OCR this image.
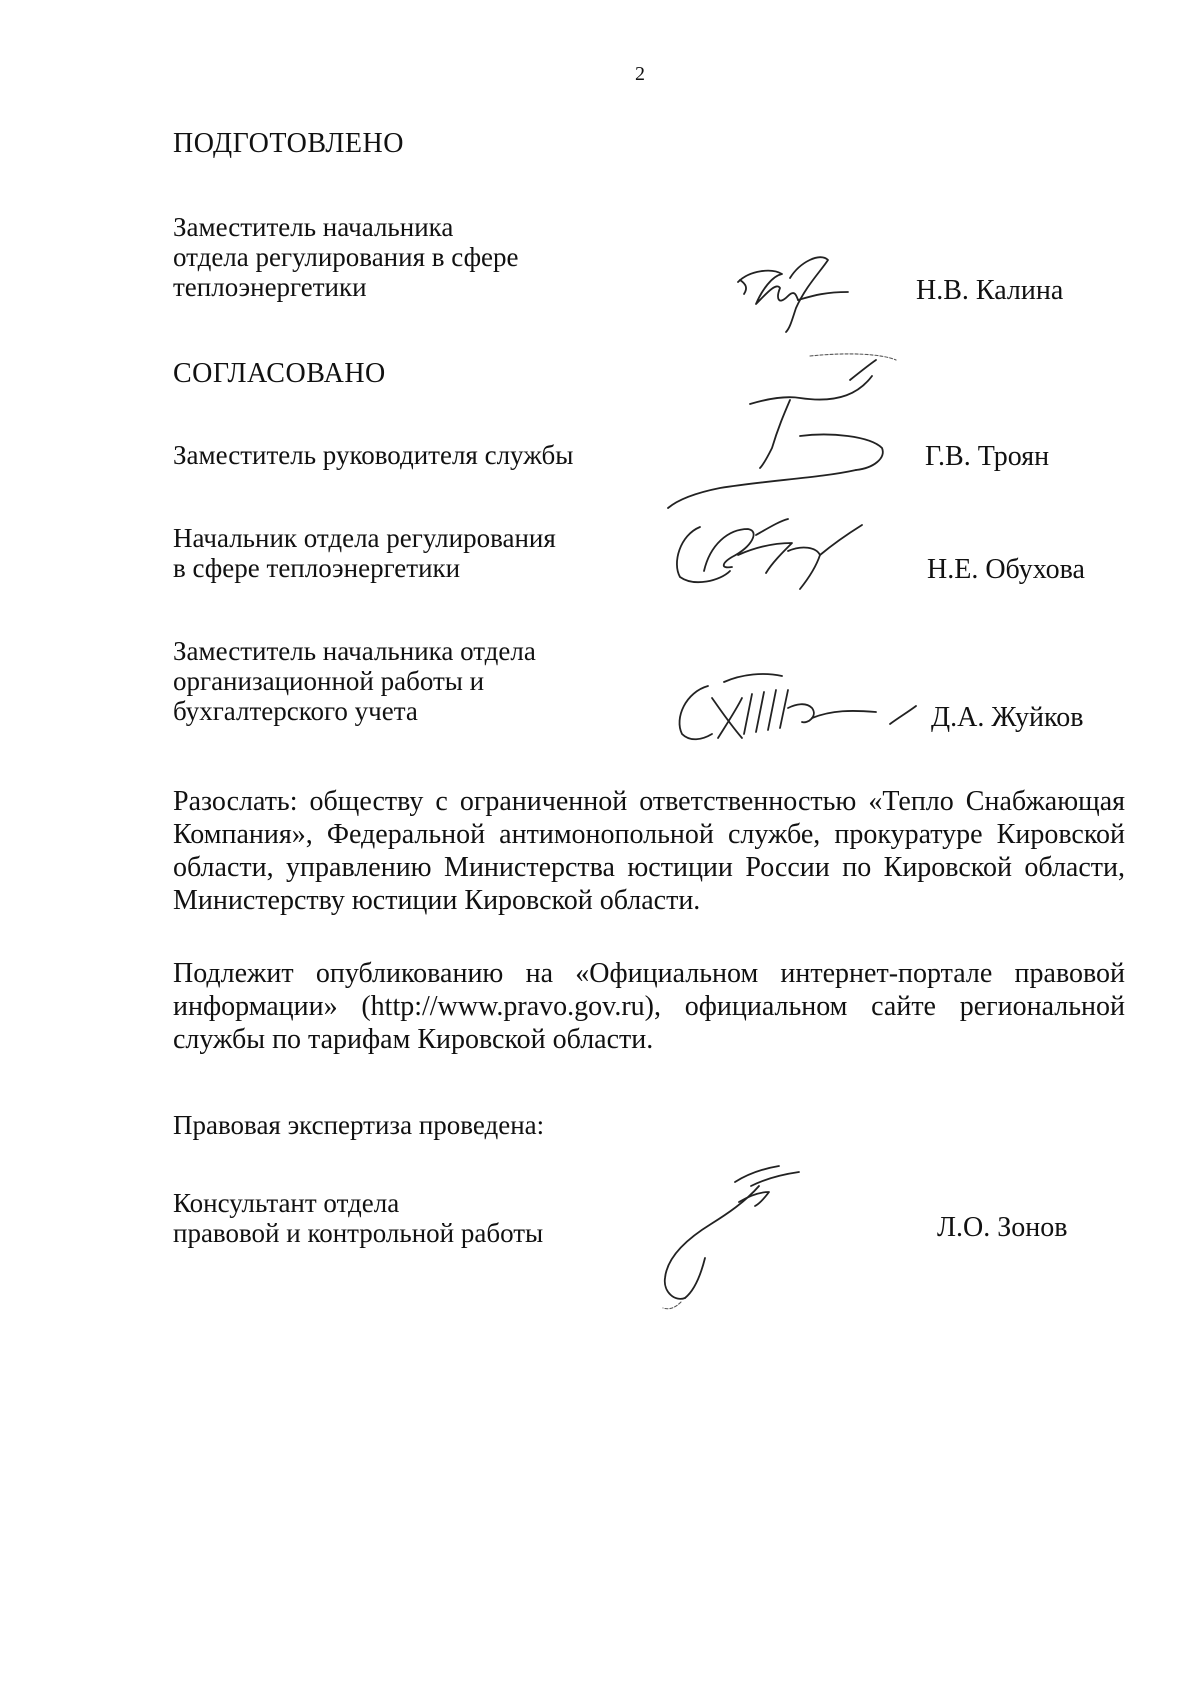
2
ПОДГОТОВЛЕНО
Заместитель начальника
отдела регулирования в сфере
теплоэнергетики	Н.В. Калина
СОГЛАСОВАНО
Заместитель руководителя службы	Г.В. Троян
Начальник отдела регулирования
в сфере теплоэнергетики	Н.Е. Обухова
Заместитель начальника отдела
организационной работы и
бухгалтерского учета	Д.А. Жуйков
Разослать: обществу с ограниченной ответственностью «Тепло Снабжающая Компания», Федеральной антимонопольной службе, прокуратуре Кировской области, управлению Министерства юстиции России по Кировской области, Министерству юстиции Кировской области.
Подлежит опубликованию на «Официальном интернет-портале правовой информации» (http://www.pravo.gov.ru), официальном сайте региональной службы по тарифам Кировской области.
Правовая экспертиза проведена:
Консультант отдела
правовой и контрольной работы	Л.О. Зонов
